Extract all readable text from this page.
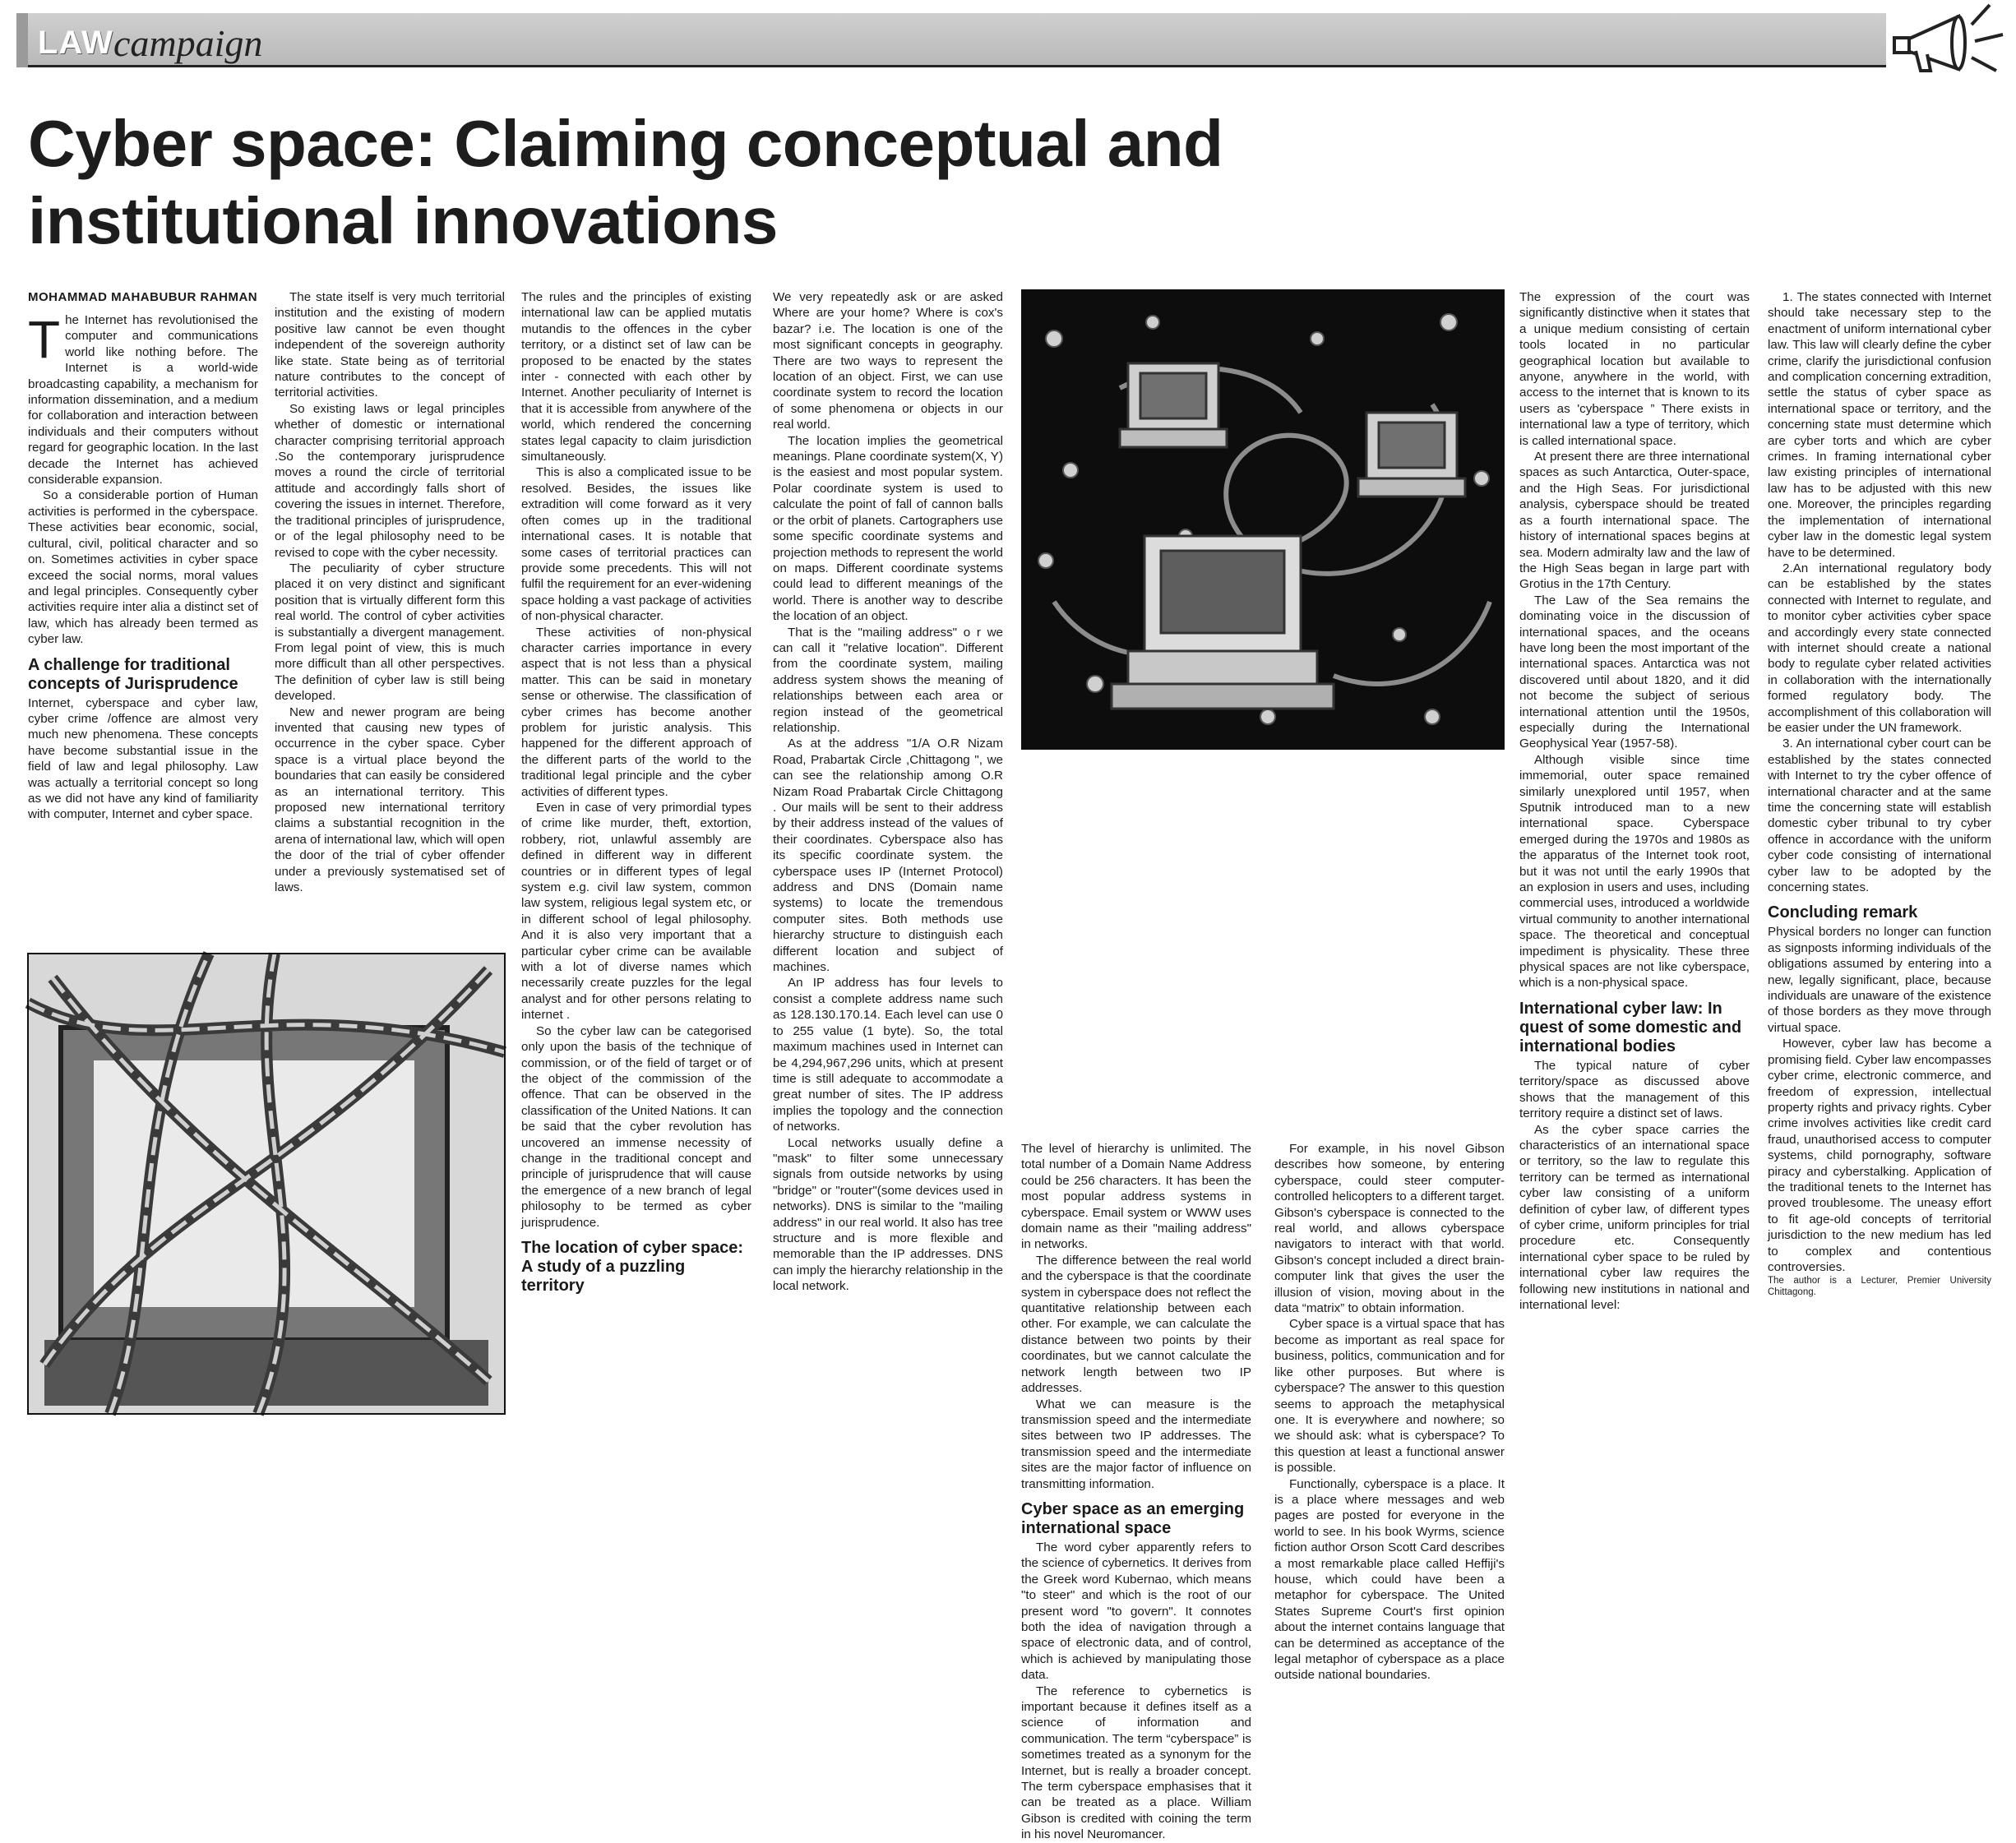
LAW campaign
Cyber space: Claiming conceptual and institutional innovations
MOHAMMAD MAHABUBUR RAHMAN
T he Internet has revolutionised the computer and communications world like nothing before. The Internet is a world-wide broadcasting capability, a mechanism for information dissemination, and a medium for collaboration and interaction between individuals and their computers without regard for geographic location. In the last decade the Internet has achieved considerable expansion.

So a considerable portion of Human activities is performed in the cyberspace. These activities bear economic, social, cultural, civil, political character and so on. Sometimes activities in cyber space exceed the social norms, moral values and legal principles. Consequently cyber activities require inter alia a distinct set of law, which has already been termed as cyber law.

A challenge for traditional concepts of Jurisprudence

Internet, cyberspace and cyber law, cyber crime /offence are almost very much new phenomena. These concepts have become substantial issue in the field of law and legal philosophy. Law was actually a territorial concept so long as we did not have any kind of familiarity with computer, Internet and cyber space.

The state itself is very much territorial institution and the existing of modern positive law cannot be even thought independent of the sovereign authority like state. State being as of territorial nature contributes to the concept of territorial activities.

So existing laws or legal principles whether of domestic or international character comprising territorial approach .So the contemporary jurisprudence moves a round the circle of territorial attitude and accordingly falls short of covering the issues in internet. Therefore, the traditional principles of jurisprudence, or of the legal philosophy need to be revised to cope with the cyber necessity.

The peculiarity of cyber structure placed it on very distinct and significant position that is virtually different form this real world. The control of cyber activities is substantially a divergent management. From legal point of view, this is much more difficult than all other perspectives. The definition of cyber law is still being developed.

New and newer program are being invented that causing new types of occurrence in the cyber space. Cyber space is a virtual place beyond the boundaries that can easily be considered as an international territory. This proposed new international territory claims a substantial recognition in the arena of international law, which will open the door of the trial of cyber offender under a previously systematised set of laws.

The rules and the principles of existing international law can be applied mutatis mutandis to the offences in the cyber territory, or a distinct set of law can be proposed to be enacted by the states inter - connected with each other by Internet. Another peculiarity of Internet is that it is accessible from anywhere of the world, which rendered the concerning states legal capacity to claim jurisdiction simultaneously.

This is also a complicated issue to be resolved. Besides, the issues like extradition will come forward as it very often comes up in the traditional international cases. It is notable that some cases of territorial practices can provide some precedents. This will not fulfil the requirement for an ever-widening space holding a vast package of activities of non-physical character.

These activities of non-physical character carries importance in every aspect that is not less than a physical matter. This can be said in monetary sense or otherwise. The classification of cyber crimes has become another problem for juristic analysis. This happened for the different approach of the different parts of the world to the traditional legal principle and the cyber activities of different types.

Even in case of very primordial types of crime like murder, theft, extortion, robbery, riot, unlawful assembly are defined in different way in different countries or in different types of legal system e.g. civil law system, common law system, religious legal system etc, or in different school of legal philosophy. And it is also very important that a particular cyber crime can be available with a lot of diverse names which necessarily create puzzles for the legal analyst and for other persons relating to internet .

So the cyber law can be categorised only upon the basis of the technique of commission, or of the field of target or of the object of the commission of the offence. That can be observed in the classification of the United Nations. It can be said that the cyber revolution has uncovered an immense necessity of change in the traditional concept and principle of jurisprudence that will cause the emergence of a new branch of legal philosophy to be termed as cyber jurisprudence.

The location of cyber space: A study of a puzzling territory

We very repeatedly ask or are asked Where are your home? Where is cox's bazar? i.e. The location is one of the most significant concepts in geography. There are two ways to represent the location of an object. First, we can use coordinate system to record the location of some phenomena or objects in our real world.

The location implies the geometrical meanings. Plane coordinate system(X, Y) is the easiest and most popular system. Polar coordinate system is used to calculate the point of fall of cannon balls or the orbit of planets. Cartographers use some specific coordinate systems and projection methods to represent the world on maps. Different coordinate systems could lead to different meanings of the world. There is another way to describe the location of an object.

That is the "mailing address" o r we can call it "relative location". Different from the coordinate system, mailing address system shows the meaning of relationships between each area or region instead of the geometrical relationship.

As at the address "1/A O.R Nizam Road, Prabartak Circle ,Chittagong ", we can see the relationship among O.R Nizam Road Prabartak Circle Chittagong . Our mails will be sent to their address by their address instead of the values of their coordinates. Cyberspace also has its specific coordinate system. the cyberspace uses IP (Internet Protocol) address and DNS (Domain name systems) to locate the tremendous computer sites. Both methods use hierarchy structure to distinguish each different location and subject of machines.

An IP address has four levels to consist a complete address name such as 128.130.170.14. Each level can use 0 to 255 value (1 byte). So, the total maximum machines used in Internet can be 4,294,967,296 units, which at present time is still adequate to accommodate a great number of sites. The IP address implies the topology and the connection of networks.

Local networks usually define a "mask" to filter some unnecessary signals from outside networks by using "bridge" or "router"(some devices used in networks). DNS is similar to the "mailing address" in our real world. It also has tree structure and is more flexible and memorable than the IP addresses. DNS can imply the hierarchy relationship in the local network.

The level of hierarchy is unlimited. The total number of a Domain Name Address could be 256 characters. It has been the most popular address systems in cyberspace. Email system or WWW uses domain name as their "mailing address" in networks.

The difference between the real world and the cyberspace is that the coordinate system in cyberspace does not reflect the quantitative relationship between each other. For example, we can calculate the distance between two points by their coordinates, but we cannot calculate the network length between two IP addresses.

What we can measure is the transmission speed and the intermediate sites between two IP addresses. The transmission speed and the intermediate sites are the major factor of influence on transmitting information.

Cyber space as an emerging international space

The word cyber apparently refers to the science of cybernetics. It derives from the Greek word Kubernao, which means "to steer" and which is the root of our present word "to govern". It connotes both the idea of navigation through a space of electronic data, and of control, which is achieved by manipulating those data.

The reference to cybernetics is important because it defines itself as a science of information and communication. The term “cyberspace” is sometimes treated as a synonym for the Internet, but is really a broader concept. The term cyberspace emphasises that it can be treated as a place. William Gibson is credited with coining the term in his novel Neuromancer.

For example, in his novel Gibson describes how someone, by entering cyberspace, could steer computer-controlled helicopters to a different target. Gibson's cyberspace is connected to the real world, and allows cyberspace navigators to interact with that world. Gibson's concept included a direct brain-computer link that gives the user the illusion of vision, moving about in the data “matrix” to obtain information.

Cyber space is a virtual space that has become as important as real space for business, politics, communication and for like other purposes. But where is cyberspace? The answer to this question seems to approach the metaphysical one. It is everywhere and nowhere; so we should ask: what is cyberspace? To this question at least a functional answer is possible.

Functionally, cyberspace is a place. It is a place where messages and web pages are posted for everyone in the world to see. In his book Wyrms, science fiction author Orson Scott Card describes a most remarkable place called Heffiji's house, which could have been a metaphor for cyberspace. The United States Supreme Court's first opinion about the internet contains language that can be determined as acceptance of the legal metaphor of cyberspace as a place outside national boundaries.

The expression of the court was significantly distinctive when it states that a unique medium consisting of certain tools located in no particular geographical location but available to anyone, anywhere in the world, with access to the internet that is known to its users as 'cyberspace ” There exists in international law a type of territory, which is called international space.

At present there are three international spaces as such Antarctica, Outer-space, and the High Seas. For jurisdictional analysis, cyberspace should be treated as a fourth international space. The history of international spaces begins at sea. Modern admiralty law and the law of the High Seas began in large part with Grotius in the 17th Century.

The Law of the Sea remains the dominating voice in the discussion of international spaces, and the oceans have long been the most important of the international spaces. Antarctica was not discovered until about 1820, and it did not become the subject of serious international attention until the 1950s, especially during the International Geophysical Year (1957-58).

Although visible since time immemorial, outer space remained similarly unexplored until 1957, when Sputnik introduced man to a new international space. Cyberspace emerged during the 1970s and 1980s as the apparatus of the Internet took root, but it was not until the early 1990s that an explosion in users and uses, including commercial uses, introduced a worldwide virtual community to another international space. The theoretical and conceptual impediment is physicality. These three physical spaces are not like cyberspace, which is a non-physical space.

International cyber law: In quest of some domestic and international bodies

The typical nature of cyber territory/space as discussed above shows that the management of this territory require a distinct set of laws.

As the cyber space carries the characteristics of an international space or territory, so the law to regulate this territory can be termed as international cyber law consisting of a uniform definition of cyber law, of different types of cyber crime, uniform principles for trial procedure etc. Consequently international cyber space to be ruled by international cyber law requires the following new institutions in national and international level:

1. The states connected with Internet should take necessary step to the enactment of uniform international cyber law. This law will clearly define the cyber crime, clarify the jurisdictional confusion and complication concerning extradition, settle the status of cyber space as international space or territory, and the concerning state must determine which are cyber torts and which are cyber crimes. In framing international cyber law existing principles of international law has to be adjusted with this new one. Moreover, the principles regarding the implementation of international cyber law in the domestic legal system have to be determined.

2.An international regulatory body can be established by the states connected with Internet to regulate, and to monitor cyber activities cyber space and accordingly every state connected with internet should create a national body to regulate cyber related activities in collaboration with the internationally formed regulatory body. The accomplishment of this collaboration will be easier under the UN framework.

3. An international cyber court can be established by the states connected with Internet to try the cyber offence of international character and at the same time the concerning state will establish domestic cyber tribunal to try cyber offence in accordance with the uniform cyber code consisting of international cyber law to be adopted by the concerning states.

Concluding remark

Physical borders no longer can function as signposts informing individuals of the obligations assumed by entering into a new, legally significant, place, because individuals are unaware of the existence of those borders as they move through virtual space.

However, cyber law has become a promising field. Cyber law encompasses cyber crime, electronic commerce, and freedom of expression, intellectual property rights and privacy rights. Cyber crime involves activities like credit card fraud, unauthorised access to computer systems, child pornography, software piracy and cyberstalking. Application of the traditional tenets to the Internet has proved troublesome. The uneasy effort to fit age-old concepts of territorial jurisdiction to the new medium has led to complex and contentious controversies.

The author is a Lecturer, Premier University Chittagong.
